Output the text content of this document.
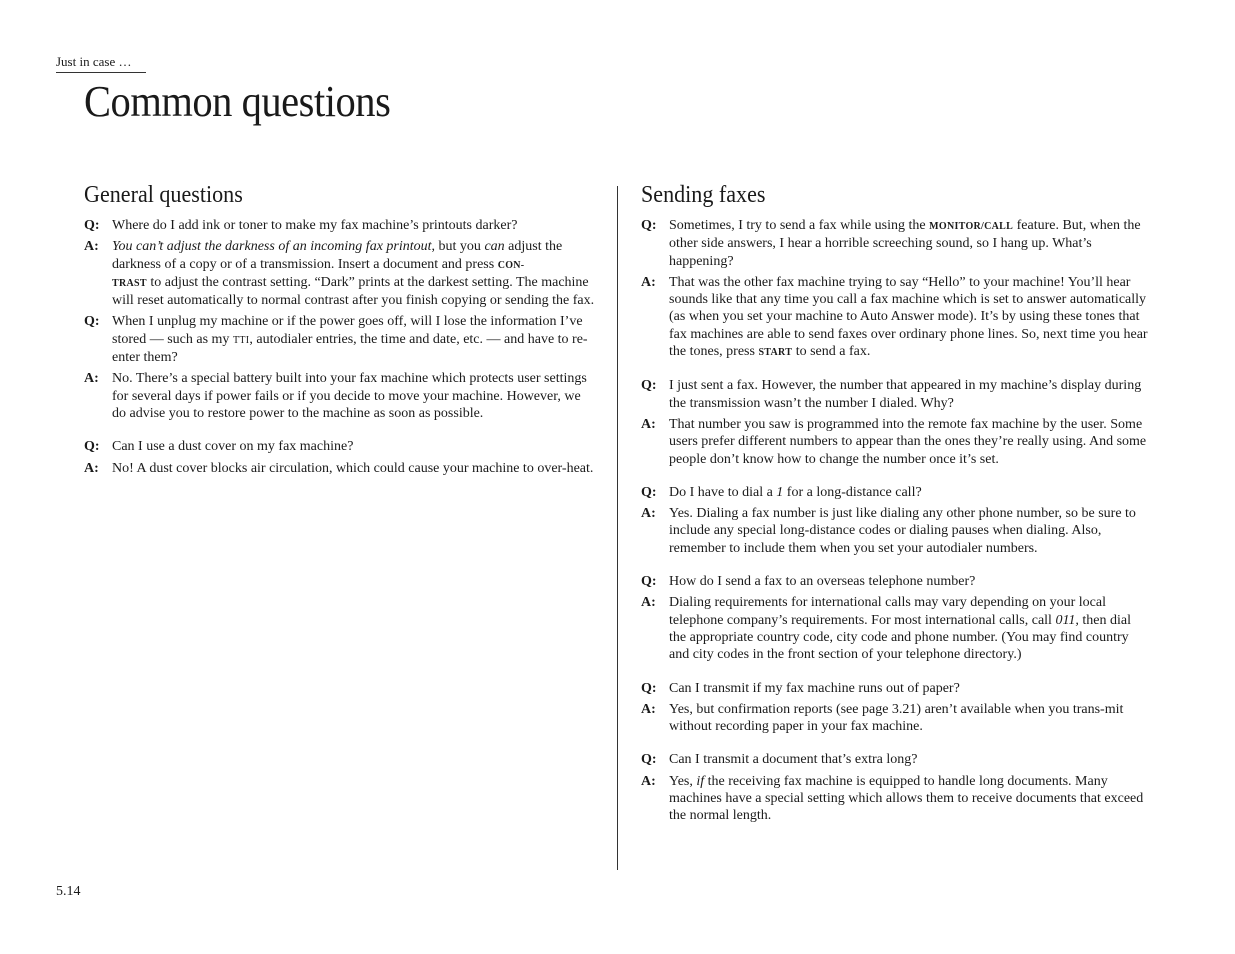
Just in case …
Common questions
General questions
Q: Where do I add ink or toner to make my fax machine’s printouts darker?
A: You can’t adjust the darkness of an incoming fax printout, but you can adjust the darkness of a copy or of a transmission. Insert a document and press CON-
TRAST to adjust the contrast setting. “Dark” prints at the darkest setting. The machine will reset automatically to normal contrast after you finish copying or sending the fax.
Q: When I unplug my machine or if the power goes off, will I lose the information I’ve stored — such as my TTI, autodialer entries, the time and date, etc. — and have to re-enter them?
A: No. There’s a special battery built into your fax machine which protects user settings for several days if power fails or if you decide to move your machine. However, we do advise you to restore power to the machine as soon as possible.
Q: Can I use a dust cover on my fax machine?
A: No! A dust cover blocks air circulation, which could cause your machine to over-heat.
Sending faxes
Q: Sometimes, I try to send a fax while using the MONITOR/CALL feature. But, when the other side answers, I hear a horrible screeching sound, so I hang up. What’s happening?
A: That was the other fax machine trying to say “Hello” to your machine! You’ll hear sounds like that any time you call a fax machine which is set to answer automatically (as when you set your machine to Auto Answer mode). It’s by using these tones that fax machines are able to send faxes over ordinary phone lines. So, next time you hear the tones, press START to send a fax.
Q: I just sent a fax. However, the number that appeared in my machine’s display during the transmission wasn’t the number I dialed. Why?
A: That number you saw is programmed into the remote fax machine by the user. Some users prefer different numbers to appear than the ones they’re really using. And some people don’t know how to change the number once it’s set.
Q: Do I have to dial a 1 for a long-distance call?
A: Yes. Dialing a fax number is just like dialing any other phone number, so be sure to include any special long-distance codes or dialing pauses when dialing. Also, remember to include them when you set your autodialer numbers.
Q: How do I send a fax to an overseas telephone number?
A: Dialing requirements for international calls may vary depending on your local telephone company’s requirements. For most international calls, call 011, then dial the appropriate country code, city code and phone number. (You may find country and city codes in the front section of your telephone directory.)
Q: Can I transmit if my fax machine runs out of paper?
A: Yes, but confirmation reports (see page 3.21) aren’t available when you trans-mit without recording paper in your fax machine.
Q: Can I transmit a document that’s extra long?
A: Yes, if the receiving fax machine is equipped to handle long documents. Many machines have a special setting which allows them to receive documents that exceed the normal length.
5.14
